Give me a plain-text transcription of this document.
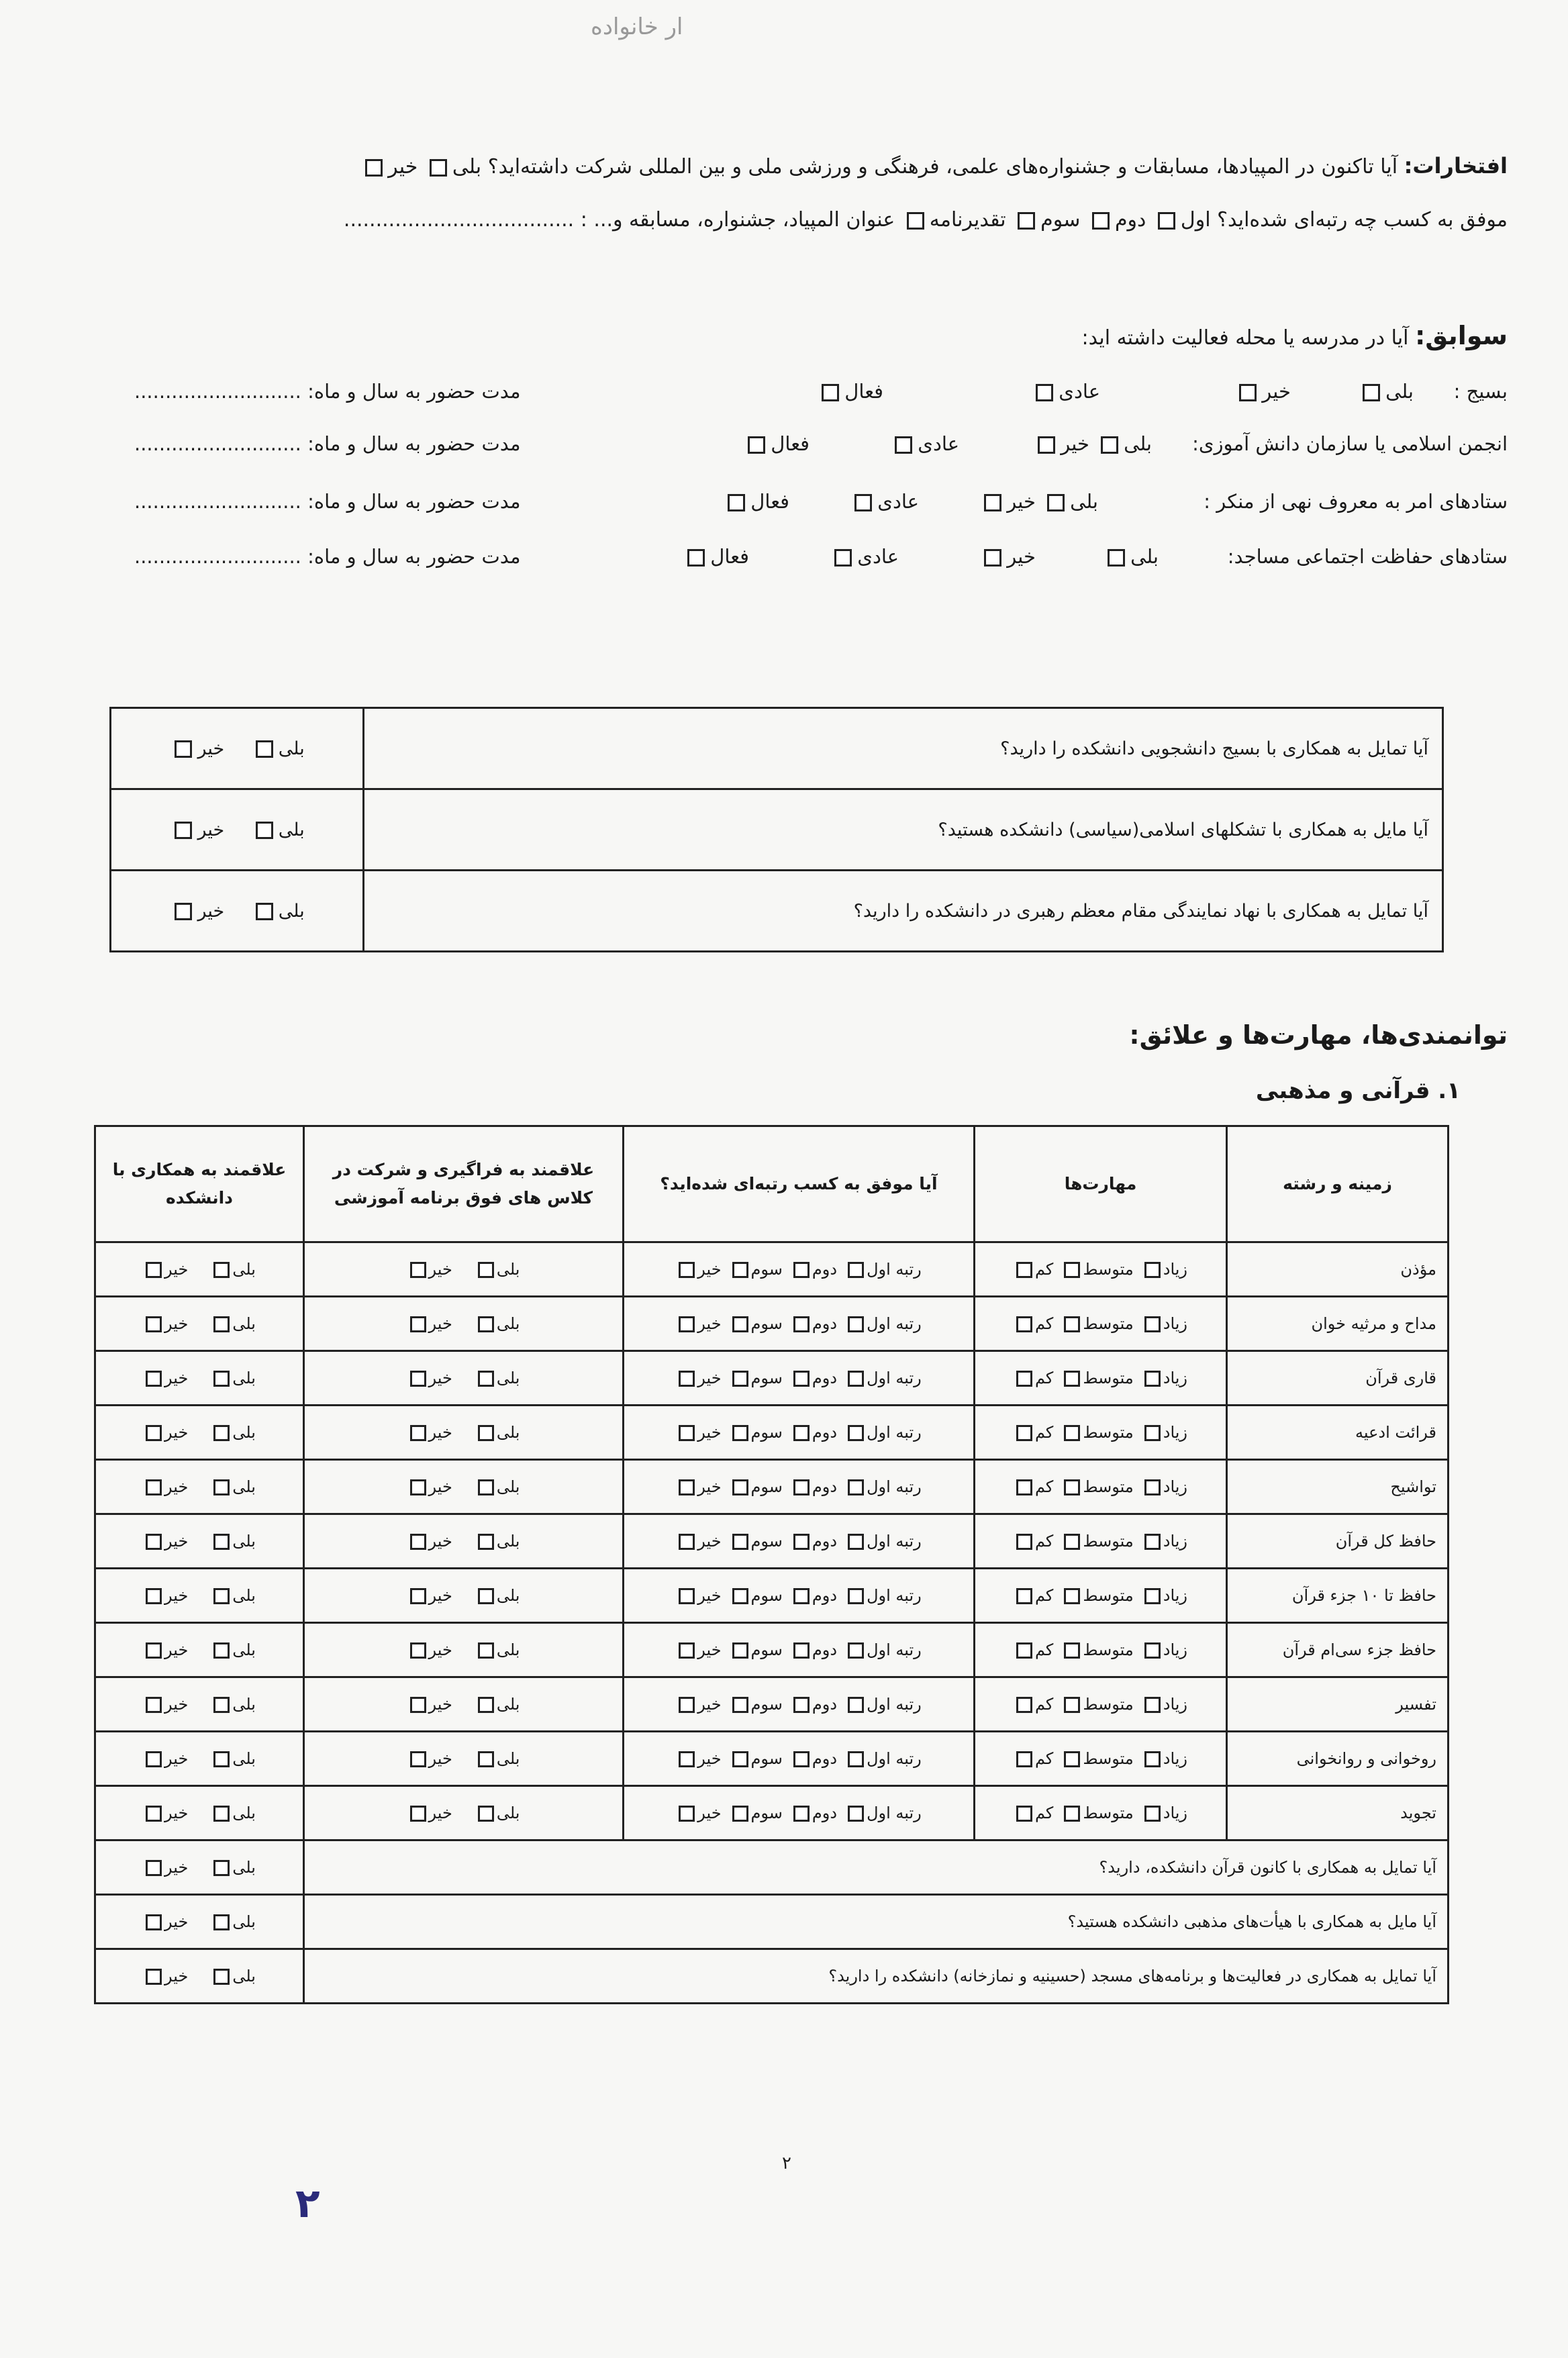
ار خانواده
افتخارات: آیا تاکنون در المپیادها، مسابقات و جشنواره‌های علمی، فرهنگی و ورزشی ملی و بین المللی شرکت داشته‌اید؟ بلی خیر
موفق به کسب چه رتبه‌ای شده‌اید؟ اول دوم سوم تقدیرنامه عنوان المپیاد، جشنواره، مسابقه و... : ....................................
سوابق: آیا در مدرسه یا محله فعالیت داشته اید:
بسیج :
بلی خیر عادی فعال
مدت حضور به سال و ماه: ...........................
انجمن اسلامی یا سازمان دانش آموزی:
بلی خیر عادی فعال
مدت حضور به سال و ماه: ...........................
ستادهای امر به معروف نهی از منکر :
بلی خیر عادی فعال
مدت حضور به سال و ماه: ...........................
ستادهای حفاظت اجتماعی مساجد:
بلی خیر عادی فعال
مدت حضور به سال و ماه: ...........................
آیا تمایل به همکاری با بسیج دانشجویی دانشکده را دارید؟	بلی خیر
آیا مایل به همکاری با تشکلهای اسلامی(سیاسی) دانشکده هستید؟	بلی خیر
آیا تمایل به همکاری با نهاد نمایندگی مقام معظم رهبری در دانشکده را دارید؟	بلی خیر
توانمندی‌ها، مهارت‌ها و علائق:
۱. قرآنی و مذهبی
زمینه و رشته	مهارت‌ها	آیا موفق به کسب رتبه‌ای شده‌اید؟	علاقمند به فراگیری و شرکت در کلاس های فوق برنامه آموزشی	علاقمند به همکاری با دانشکده
مؤذن	زیادمتوسطکم	رتبه اولدومسومخیر	بلیخیر	بلیخیر
مداح و مرثیه خوان	زیادمتوسطکم	رتبه اولدومسومخیر	بلیخیر	بلیخیر
قاری قرآن	زیادمتوسطکم	رتبه اولدومسومخیر	بلیخیر	بلیخیر
قرائت ادعیه	زیادمتوسطکم	رتبه اولدومسومخیر	بلیخیر	بلیخیر
تواشیح	زیادمتوسطکم	رتبه اولدومسومخیر	بلیخیر	بلیخیر
حافظ کل قرآن	زیادمتوسطکم	رتبه اولدومسومخیر	بلیخیر	بلیخیر
حافظ تا ۱۰ جزء قرآن	زیادمتوسطکم	رتبه اولدومسومخیر	بلیخیر	بلیخیر
حافظ جزء سی‌ام قرآن	زیادمتوسطکم	رتبه اولدومسومخیر	بلیخیر	بلیخیر
تفسیر	زیادمتوسطکم	رتبه اولدومسومخیر	بلیخیر	بلیخیر
روخوانی و روانخوانی	زیادمتوسطکم	رتبه اولدومسومخیر	بلیخیر	بلیخیر
تجوید	زیادمتوسطکم	رتبه اولدومسومخیر	بلیخیر	بلیخیر
آیا تمایل به همکاری با کانون قرآن دانشکده، دارید؟				بلیخیر
آیا مایل به همکاری با هیأت‌های مذهبی دانشکده هستید؟				بلیخیر
آیا تمایل به همکاری در فعالیت‌ها و برنامه‌های مسجد (حسینیه و نمازخانه) دانشکده را دارید؟				بلیخیر
۲
۲
